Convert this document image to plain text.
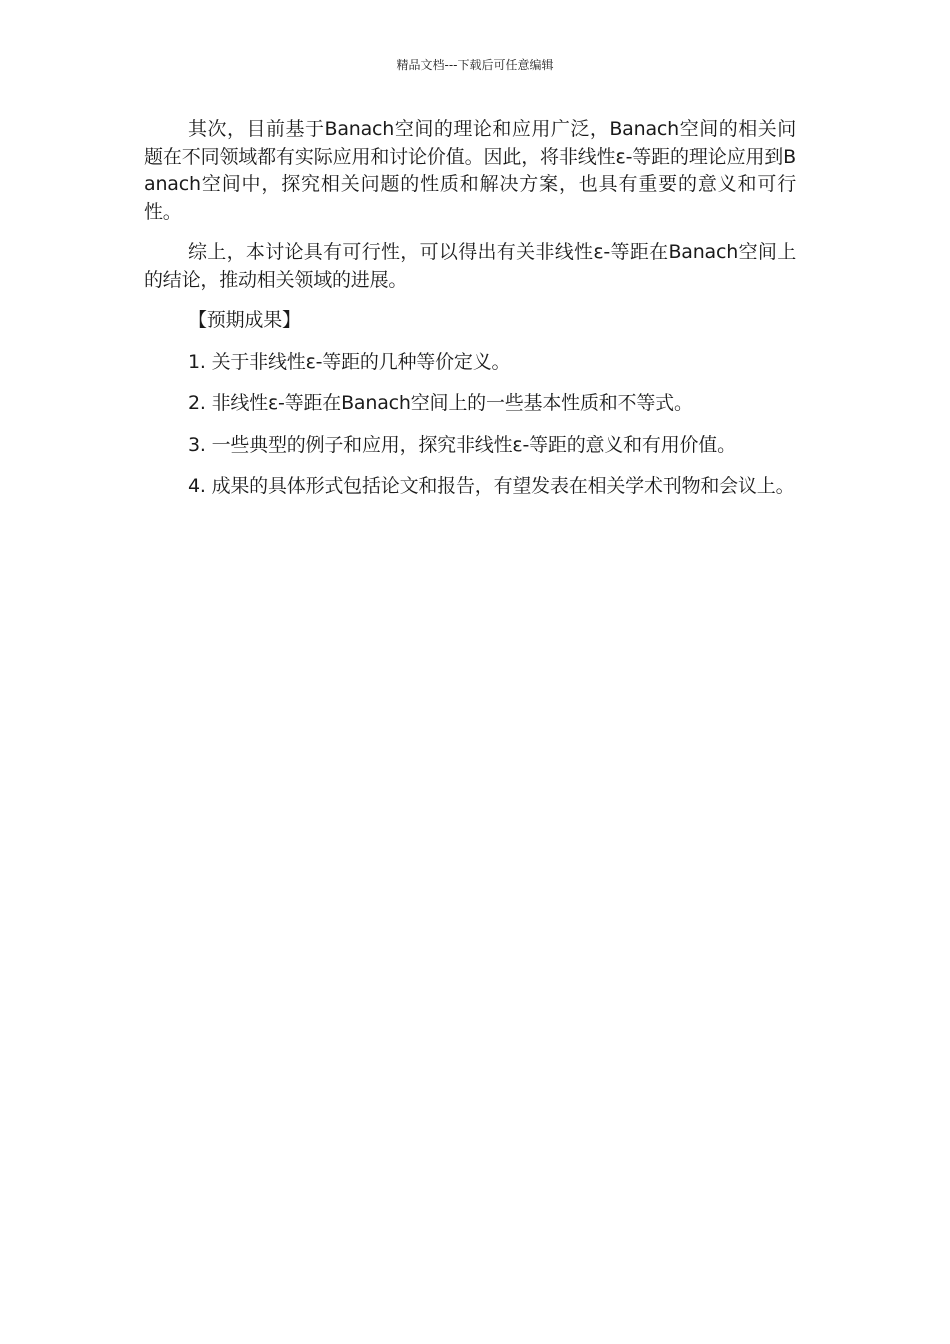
精品文档---下载后可任意编辑

其次，目前基于Banach空间的理论和应用广泛，Banach空间的相关问题在不同领域都有实际应用和讨论价值。因此，将非线性ε-等距的理论应用到Banach空间中，探究相关问题的性质和解决方案，也具有重要的意义和可行性。

综上，本讨论具有可行性，可以得出有关非线性ε-等距在Banach空间上的结论，推动相关领域的进展。

【预期成果】

1. 关于非线性ε-等距的几种等价定义。

2. 非线性ε-等距在Banach空间上的一些基本性质和不等式。

3. 一些典型的例子和应用，探究非线性ε-等距的意义和有用价值。

4. 成果的具体形式包括论文和报告，有望发表在相关学术刊物和会议上。
